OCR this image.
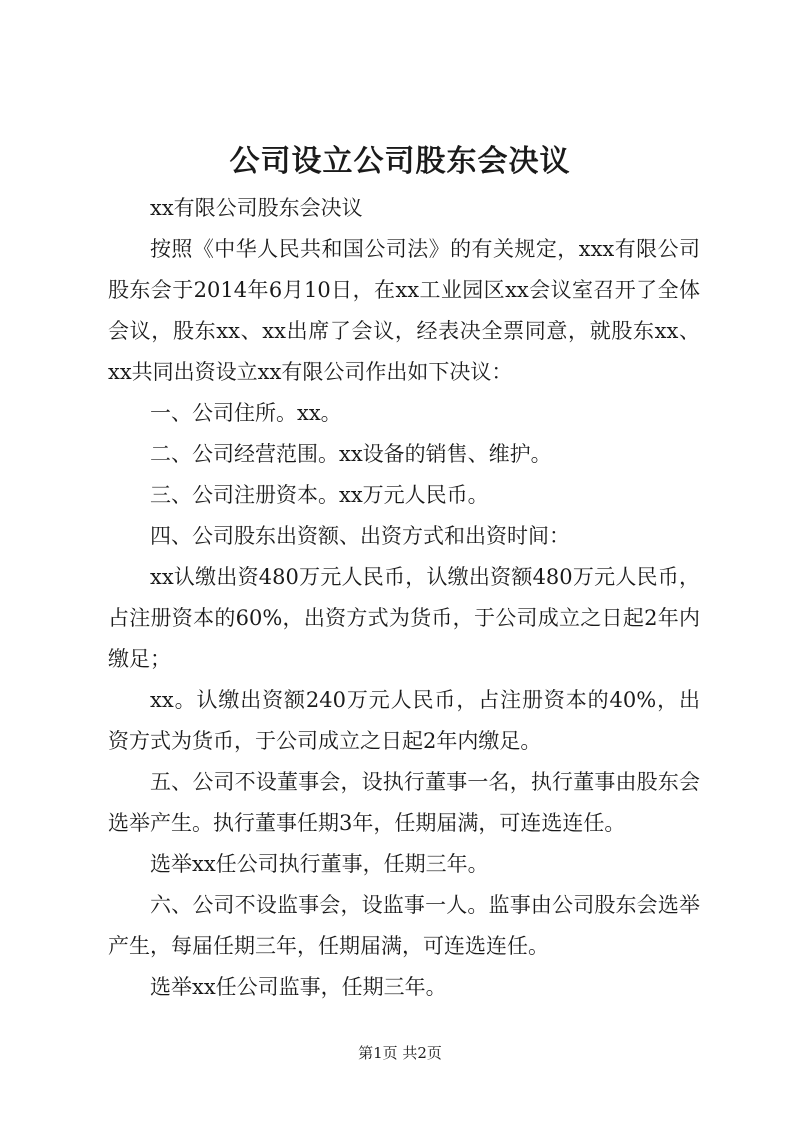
公司设立公司股东会决议

xx有限公司股东会决议

按照《中华人民共和国公司法》的有关规定，xxx有限公司股东会于2014年6月10日，在xx工业园区xx会议室召开了全体会议，股东xx、xx出席了会议，经表决全票同意，就股东xx、xx共同出资设立xx有限公司作出如下决议：

一、公司住所。xx。

二、公司经营范围。xx设备的销售、维护。

三、公司注册资本。xx万元人民币。

四、公司股东出资额、出资方式和出资时间：

xx认缴出资480万元人民币，认缴出资额480万元人民币，占注册资本的60%，出资方式为货币，于公司成立之日起2年内缴足；

xx。认缴出资额240万元人民币，占注册资本的40%，出资方式为货币，于公司成立之日起2年内缴足。

五、公司不设董事会，设执行董事一名，执行董事由股东会选举产生。执行董事任期3年，任期届满，可连选连任。

选举xx任公司执行董事，任期三年。

六、公司不设监事会，设监事一人。监事由公司股东会选举产生，每届任期三年，任期届满，可连选连任。

选举xx任公司监事，任期三年。

第1页 共2页
